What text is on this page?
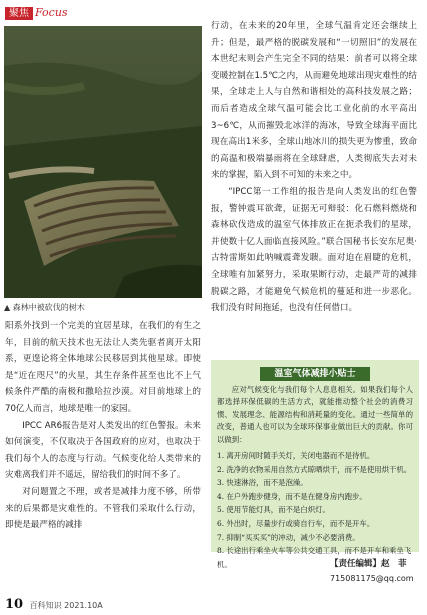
聚焦 Focus
▲ 森林中被砍伐的树木

阳系外找到一个完美的宜居星球，在我们的有生之年，目前的航天技术也无法让人类先驱者离开太阳系，更遑论将全体地球公民移居到其他星球。即使是“近在咫尺”的火星，其生存条件甚至也比不上气候条件严酷的南极和撒哈拉沙漠。对目前地球上的70亿人而言，地球是唯一的家园。

IPCC AR6报告是对人类发出的红色警报。未来如何演变，不仅取决于各国政府的应对，也取决于我们每个人的态度与行动。气候变化给人类带来的灾难离我们并不遥远，留给我们的时间不多了。

对问题置之不理，或者是减排力度不够，所带来的后果都是灾难性的。不管我们采取什么行动，即使是最严格的减排

行动，在未来的20年里，全球气温肯定还会继续上升；但是，最严格的脱碳发展和“一切照旧”的发展在本世纪末则会产生完全不同的结果：前者可以将全球变暖控制在1.5℃之内，从而避免地球出现灾难性的结果，全球走上人与自然和谐相处的高科技发展之路；而后者造成全球气温可能会比工业化前的水平高出3~6℃，从而摧毁北冰洋的海冰，导致全球海平面比现在高出1米多，全球山地冰川的损失更为惨重，致命的高温和极端暴雨将在全球肆虐，人类彻底失去对未来的掌握，陷入到不可知的未来之中。

“IPCC第一工作组的报告是向人类发出的红色警报，警钟震耳欲聋，证据无可辩驳：化石燃料燃烧和森林砍伐造成的温室气体排放正在扼杀我们的星球，并使数十亿人面临直接风险。”联合国秘书长安东尼奥·古特雷斯如此呐喊震聋发聩。面对迫在眉睫的危机，全球唯有加紧努力，采取果断行动，走最严苛的减排脱碳之路，才能避免气候危机的蔓延和进一步恶化。我们没有时间拖延，也没有任何借口。

温室气体减排小贴士

应对气候变化与我们每个人息息相关。如果我们每个人都选择环保低碳的生活方式，就能推动整个社会的消费习惯、发展理念、能源结构和消耗量的变化。通过一些简单的改变，普通人也可以为全球环保事业做出巨大的贡献。你可以做到：

1. 离开房间时随手关灯，关闭电器而不是待机。
2. 洗净的衣物采用自然方式晾晒烘干，而不是使用烘干机。
3. 快速淋浴，而不是泡澡。
4. 在户外跑步健身，而不是在健身房内跑步。
5. 使用节能灯具，而不是白炽灯。
6. 外出时，尽量步行或骑自行车，而不是开车。
7. 抑制“买买买”的冲动，减少不必要消费。
8. 长途出行乘坐火车等公共交通工具，而不是开车和乘坐飞机。	【责任编辑】赵　菲
715081175@qq.com
10 百科知识 2021.10A
